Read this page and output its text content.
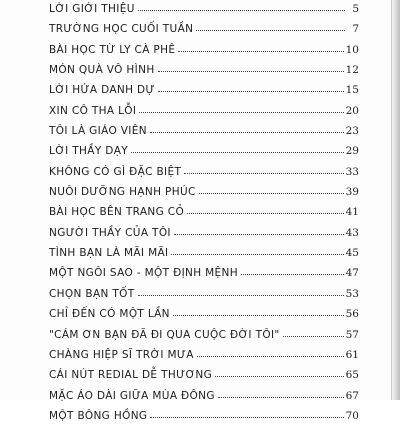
LỜI GIỚI THIỆU	5
TRƯỜNG HỌC CUỐI TUẦN	7
BÀI HỌC TỪ LY CÀ PHÊ	10
MÓN QUÀ VÔ HÌNH	12
LỜI HỨA DANH DỰ	15
XIN CÔ THA LỖI	20
TÔI LÀ GIÁO VIÊN	23
LỜI THẦY DẠY	29
KHÔNG CÓ GÌ ĐẶC BIỆT	33
NUÔI DƯỠNG HẠNH PHÚC	39
BÀI HỌC BÊN TRANG CỎ	41
NGƯỜI THẦY CỦA TÔI	43
TÌNH BẠN LÀ MÃI MÃI	45
MỘT NGÔI SAO - MỘT ĐỊNH MỆNH	47
CHỌN BẠN TỐT	53
CHỈ ĐẾN CÓ MỘT LẦN	56
"CÁM ƠN BẠN ĐÃ ĐI QUA CUỘC ĐỜI TÔI"	57
CHÀNG HIỆP SĨ TRỜI MƯA	61
CÁI NÚT REDIAL DỄ THƯƠNG	65
MẶC ÁO DÀI GIỮA MÙA ĐÔNG	67
MỘT BÔNG HỒNG	70
